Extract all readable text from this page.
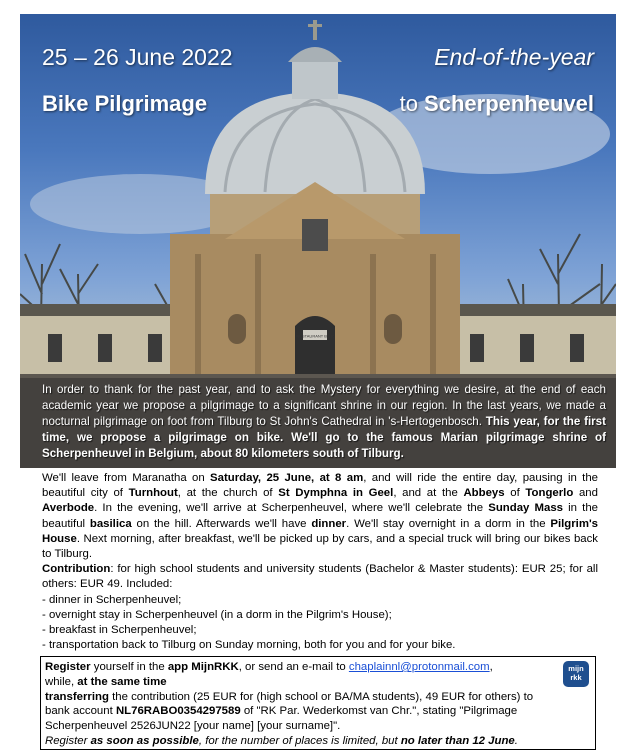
RESTAURANT BIER
25 – 26 June 2022	End-of-the-year
Bike Pilgrimage	to Scherpenheuvel

In order to thank for the past year, and to ask the Mystery for everything we desire, at the end of each academic year we propose a pilgrimage to a significant shrine in our region. In the last years, we made a nocturnal pilgrimage on foot from Tilburg to St John's Cathedral in 's-Hertogenbosch. This year, for the first time, we propose a pilgrimage on bike. We'll go to the famous Marian pilgrimage shrine of Scherpenheuvel in Belgium, about 80 kilometers south of Tilburg.

We'll leave from Maranatha on Saturday, 25 June, at 8 am, and will ride the entire day, pausing in the beautiful city of Turnhout, at the church of St Dymphna in Geel, and at the Abbeys of Tongerlo and Averbode. In the evening, we'll arrive at Scherpenheuvel, where we'll celebrate the Sunday Mass in the beautiful basilica on the hill. Afterwards we'll have dinner. We'll stay overnight in a dorm in the Pilgrim's House. Next morning, after breakfast, we'll be picked up by cars, and a special truck will bring our bikes back to Tilburg.

Contribution: for high school students and university students (Bachelor & Master students): EUR 25; for all others: EUR 49. Included:

- dinner in Scherpenheuvel;
- overnight stay in Scherpenheuvel (in a dorm in the Pilgrim's House);
- breakfast in Scherpenheuvel;
- transportation back to Tilburg on Sunday morning, both for you and for your bike.
Register yourself in the app MijnRKK, or send an e-mail to chaplainnl@protonmail.com,
while, at the same time
transferring the contribution (25 EUR for (high school or BA/MA students), 49 EUR for others) to bank account NL76RABO0354297589 of "RK Par. Wederkomst van Chr.", stating "Pilgrimage Scherpenheuvel 2526JUN22 [your name] [your surname]".
Register as soon as possible, for the number of places is limited, but no later than 12 June.
mijn
rkk
